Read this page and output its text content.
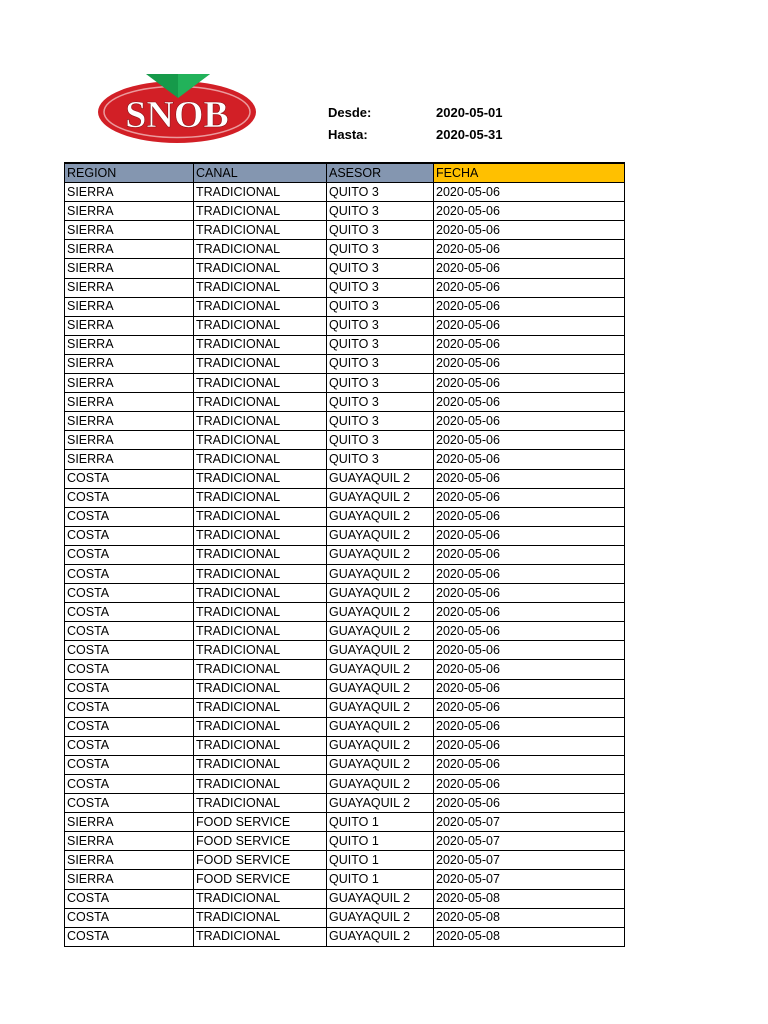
SNOB	Desde:	2020-05-01
Hasta:	2020-05-31
REGION	CANAL	ASESOR	FECHA
SIERRA	TRADICIONAL	QUITO 3	2020-05-06
SIERRA	TRADICIONAL	QUITO 3	2020-05-06
SIERRA	TRADICIONAL	QUITO 3	2020-05-06
SIERRA	TRADICIONAL	QUITO 3	2020-05-06
SIERRA	TRADICIONAL	QUITO 3	2020-05-06
SIERRA	TRADICIONAL	QUITO 3	2020-05-06
SIERRA	TRADICIONAL	QUITO 3	2020-05-06
SIERRA	TRADICIONAL	QUITO 3	2020-05-06
SIERRA	TRADICIONAL	QUITO 3	2020-05-06
SIERRA	TRADICIONAL	QUITO 3	2020-05-06
SIERRA	TRADICIONAL	QUITO 3	2020-05-06
SIERRA	TRADICIONAL	QUITO 3	2020-05-06
SIERRA	TRADICIONAL	QUITO 3	2020-05-06
SIERRA	TRADICIONAL	QUITO 3	2020-05-06
SIERRA	TRADICIONAL	QUITO 3	2020-05-06
COSTA	TRADICIONAL	GUAYAQUIL 2	2020-05-06
COSTA	TRADICIONAL	GUAYAQUIL 2	2020-05-06
COSTA	TRADICIONAL	GUAYAQUIL 2	2020-05-06
COSTA	TRADICIONAL	GUAYAQUIL 2	2020-05-06
COSTA	TRADICIONAL	GUAYAQUIL 2	2020-05-06
COSTA	TRADICIONAL	GUAYAQUIL 2	2020-05-06
COSTA	TRADICIONAL	GUAYAQUIL 2	2020-05-06
COSTA	TRADICIONAL	GUAYAQUIL 2	2020-05-06
COSTA	TRADICIONAL	GUAYAQUIL 2	2020-05-06
COSTA	TRADICIONAL	GUAYAQUIL 2	2020-05-06
COSTA	TRADICIONAL	GUAYAQUIL 2	2020-05-06
COSTA	TRADICIONAL	GUAYAQUIL 2	2020-05-06
COSTA	TRADICIONAL	GUAYAQUIL 2	2020-05-06
COSTA	TRADICIONAL	GUAYAQUIL 2	2020-05-06
COSTA	TRADICIONAL	GUAYAQUIL 2	2020-05-06
COSTA	TRADICIONAL	GUAYAQUIL 2	2020-05-06
COSTA	TRADICIONAL	GUAYAQUIL 2	2020-05-06
COSTA	TRADICIONAL	GUAYAQUIL 2	2020-05-06
SIERRA	FOOD SERVICE	QUITO 1	2020-05-07
SIERRA	FOOD SERVICE	QUITO 1	2020-05-07
SIERRA	FOOD SERVICE	QUITO 1	2020-05-07
SIERRA	FOOD SERVICE	QUITO 1	2020-05-07
COSTA	TRADICIONAL	GUAYAQUIL 2	2020-05-08
COSTA	TRADICIONAL	GUAYAQUIL 2	2020-05-08
COSTA	TRADICIONAL	GUAYAQUIL 2	2020-05-08
